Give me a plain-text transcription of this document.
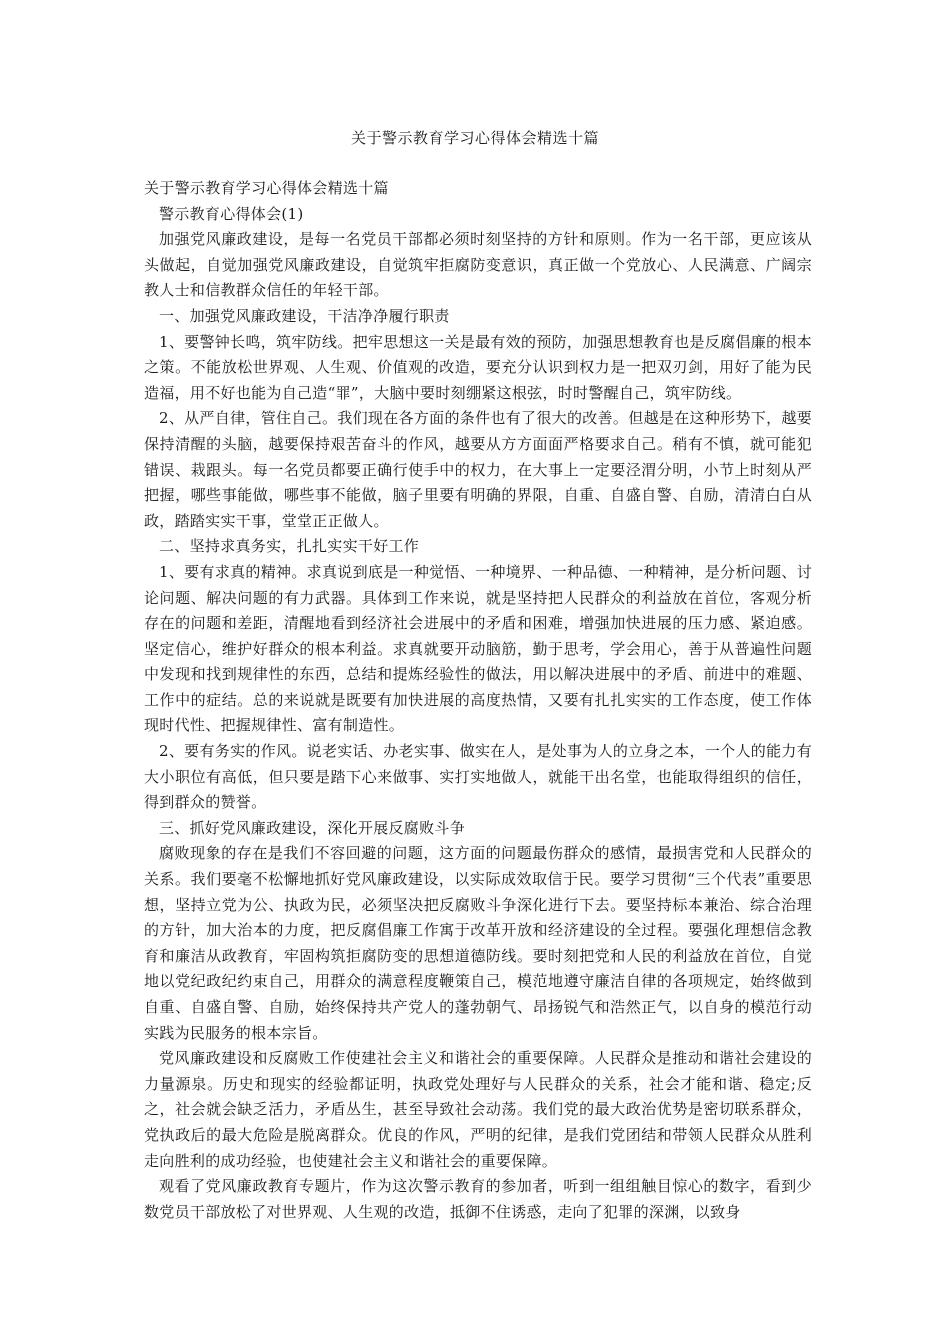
关于警示教育学习心得体会精选十篇

关于警示教育学习心得体会精选十篇

警示教育心得体会(1)

加强党风廉政建设，是每一名党员干部都必须时刻坚持的方针和原则。作为一名干部，更应该从头做起，自觉加强党风廉政建设，自觉筑牢拒腐防变意识，真正做一个党放心、人民满意、广阔宗教人士和信教群众信任的年轻干部。

一、加强党风廉政建设，干洁净净履行职责

1、要警钟长鸣，筑牢防线。把牢思想这一关是最有效的预防，加强思想教育也是反腐倡廉的根本之策。不能放松世界观、人生观、价值观的改造，要充分认识到权力是一把双刃剑，用好了能为民造福，用不好也能为自己造“罪”，大脑中要时刻绷紧这根弦，时时警醒自己，筑牢防线。

2、从严自律，管住自己。我们现在各方面的条件也有了很大的改善。但越是在这种形势下，越要保持清醒的头脑，越要保持艰苦奋斗的作风，越要从方方面面严格要求自己。稍有不慎，就可能犯错误、栽跟头。每一名党员都要正确行使手中的权力，在大事上一定要泾渭分明，小节上时刻从严把握，哪些事能做，哪些事不能做，脑子里要有明确的界限，自重、自盛自警、自励，清清白白从政，踏踏实实干事，堂堂正正做人。

二、坚持求真务实，扎扎实实干好工作

1、要有求真的精神。求真说到底是一种觉悟、一种境界、一种品德、一种精神，是分析问题、讨论问题、解决问题的有力武器。具体到工作来说，就是坚持把人民群众的利益放在首位，客观分析存在的问题和差距，清醒地看到经济社会进展中的矛盾和困难，增强加快进展的压力感、紧迫感。坚定信心，维护好群众的根本利益。求真就要开动脑筋，勤于思考，学会用心，善于从普遍性问题中发现和找到规律性的东西，总结和提炼经验性的做法，用以解决进展中的矛盾、前进中的难题、工作中的症结。总的来说就是既要有加快进展的高度热情，又要有扎扎实实的工作态度，使工作体现时代性、把握规律性、富有制造性。

2、要有务实的作风。说老实话、办老实事、做实在人，是处事为人的立身之本，一个人的能力有大小职位有高低，但只要是踏下心来做事、实打实地做人，就能干出名堂，也能取得组织的信任，得到群众的赞誉。

三、抓好党风廉政建设，深化开展反腐败斗争

腐败现象的存在是我们不容回避的问题，这方面的问题最伤群众的感情，最损害党和人民群众的关系。我们要毫不松懈地抓好党风廉政建设，以实际成效取信于民。要学习贯彻“三个代表”重要思想，坚持立党为公、执政为民，必须坚决把反腐败斗争深化进行下去。要坚持标本兼治、综合治理的方针，加大治本的力度，把反腐倡廉工作寓于改革开放和经济建设的全过程。要强化理想信念教育和廉洁从政教育，牢固构筑拒腐防变的思想道德防线。要时刻把党和人民的利益放在首位，自觉地以党纪政纪约束自己，用群众的满意程度鞭策自己，模范地遵守廉洁自律的各项规定，始终做到自重、自盛自警、自励，始终保持共产党人的蓬勃朝气、昂扬锐气和浩然正气，以自身的模范行动实践为民服务的根本宗旨。

党风廉政建设和反腐败工作使建社会主义和谐社会的重要保障。人民群众是推动和谐社会建设的力量源泉。历史和现实的经验都证明，执政党处理好与人民群众的关系，社会才能和谐、稳定;反之，社会就会缺乏活力，矛盾丛生，甚至导致社会动荡。我们党的最大政治优势是密切联系群众，党执政后的最大危险是脱离群众。优良的作风，严明的纪律，是我们党团结和带领人民群众从胜利走向胜利的成功经验，也使建社会主义和谐社会的重要保障。

观看了党风廉政教育专题片，作为这次警示教育的参加者，听到一组组触目惊心的数字，看到少数党员干部放松了对世界观、人生观的改造，抵御不住诱惑，走向了犯罪的深渊，以致身
